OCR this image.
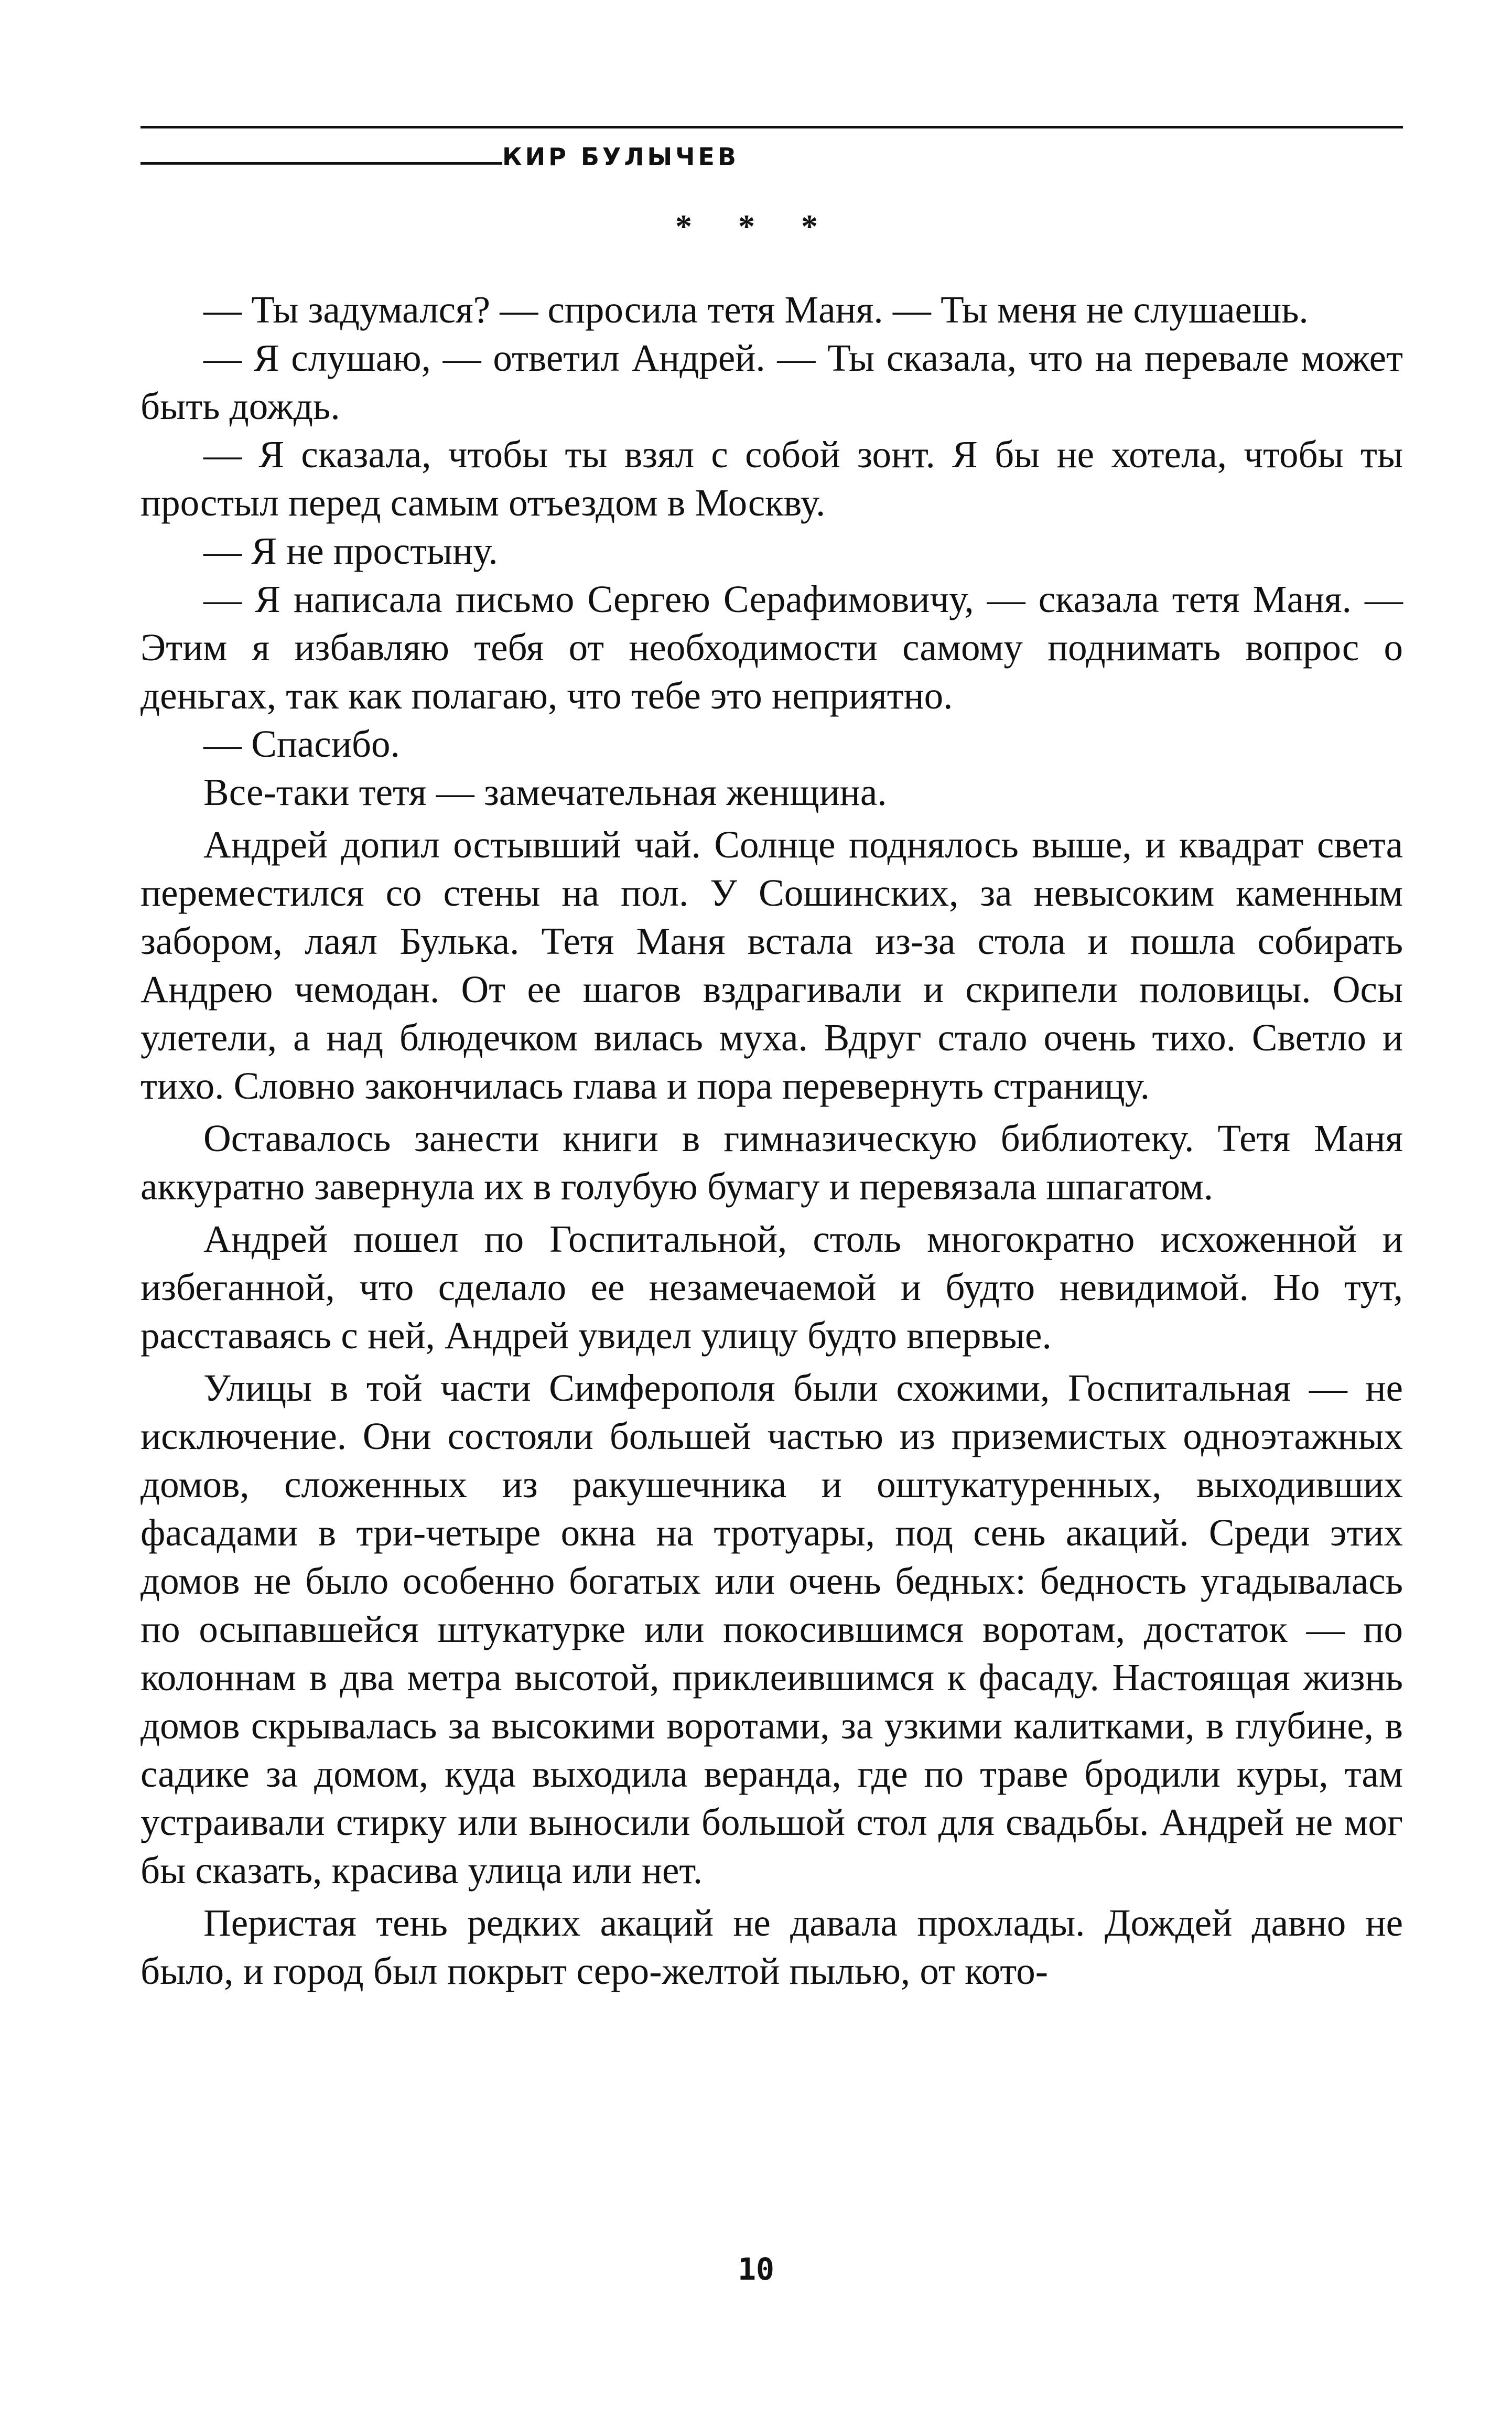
КИР БУЛЫЧЕВ
* * *

— Ты задумался? — спросила тетя Маня. — Ты меня не слушаешь.

— Я слушаю, — ответил Андрей. — Ты сказала, что на перевале может быть дождь.

— Я сказала, чтобы ты взял с собой зонт. Я бы не хотела, чтобы ты простыл перед самым отъездом в Москву.

— Я не простыну.

— Я написала письмо Сергею Серафимовичу, — сказала тетя Маня. — Этим я избавляю тебя от необходимости самому поднимать вопрос о деньгах, так как полагаю, что тебе это неприятно.

— Спасибо.

Все-таки тетя — замечательная женщина.

Андрей допил остывший чай. Солнце поднялось выше, и квадрат света переместился со стены на пол. У Сошинских, за невысоким каменным забором, лаял Булька. Тетя Маня встала из-за стола и пошла собирать Андрею чемодан. От ее шагов вздрагивали и скрипели половицы. Осы улетели, а над блюдечком вилась муха. Вдруг стало очень тихо. Светло и тихо. Словно закончилась глава и пора перевернуть страницу.

Оставалось занести книги в гимназическую библиотеку. Тетя Маня аккуратно завернула их в голубую бумагу и перевязала шпагатом.

Андрей пошел по Госпитальной, столь многократно исхоженной и избеганной, что сделало ее незамечаемой и будто невидимой. Но тут, расставаясь с ней, Андрей увидел улицу будто впервые.

Улицы в той части Симферополя были схожими, Госпитальная — не исключение. Они состояли большей частью из приземистых одноэтажных домов, сложенных из ракушечника и оштукатуренных, выходивших фасадами в три-четыре окна на тротуары, под сень акаций. Среди этих домов не было особенно богатых или очень бедных: бедность угадывалась по осыпавшейся штукатурке или покосившимся воротам, достаток — по колоннам в два метра высотой, приклеившимся к фасаду. Настоящая жизнь домов скрывалась за высокими воротами, за узкими калитками, в глубине, в садике за домом, куда выходила веранда, где по траве бродили куры, там устраивали стирку или выносили большой стол для свадьбы. Андрей не мог бы сказать, красива улица или нет.

Перистая тень редких акаций не давала прохлады. Дождей давно не было, и город был покрыт серо-желтой пылью, от кото-

10
